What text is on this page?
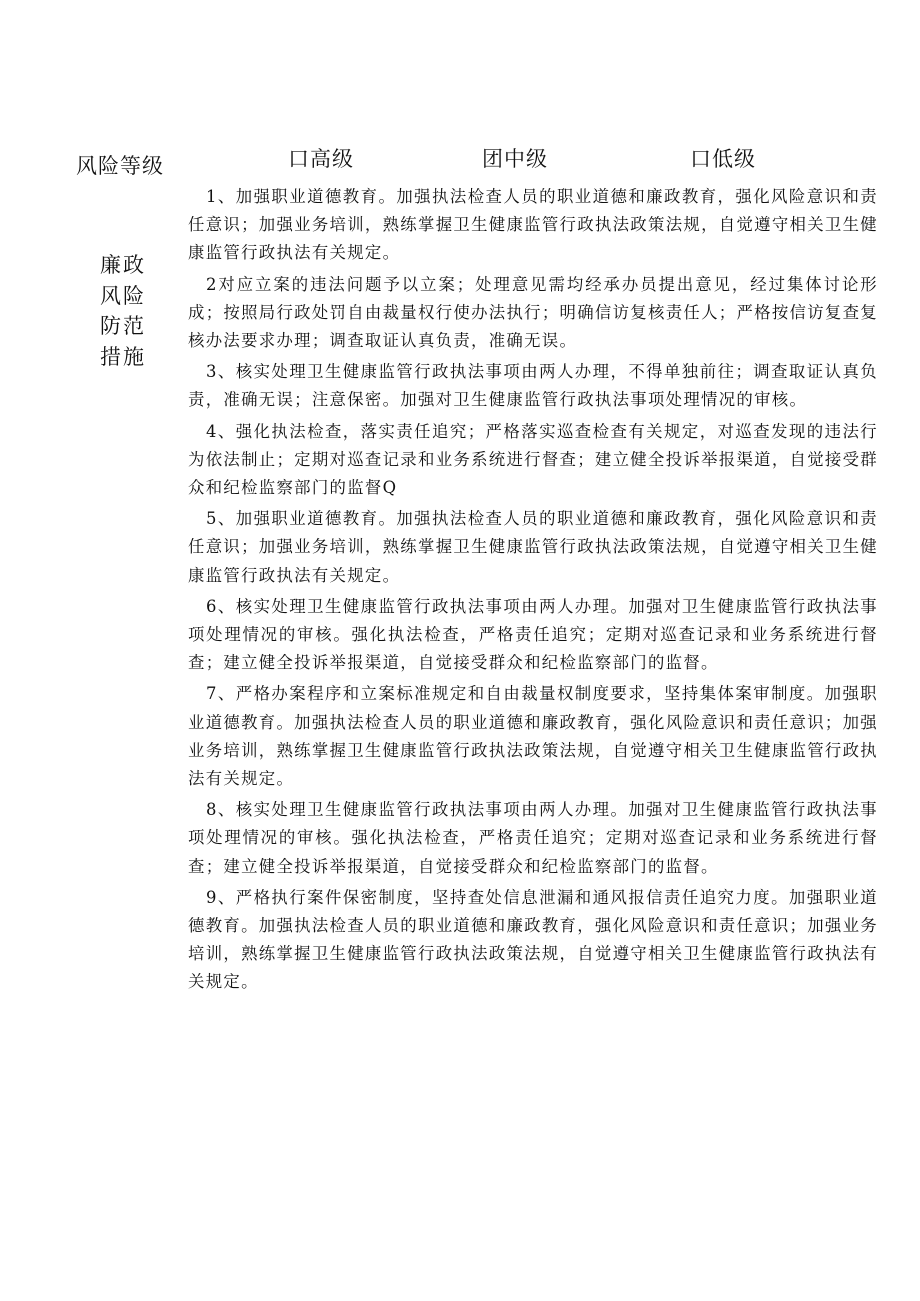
风险等级	口高级	团中级	口低级
廉政
风险
防范
措施

1、加强职业道德教育。加强执法检查人员的职业道德和廉政教育，强化风险意识和责任意识；加强业务培训，熟练掌握卫生健康监管行政执法政策法规，自觉遵守相关卫生健康监管行政执法有关规定。

2对应立案的违法问题予以立案；处理意见需均经承办员提出意见，经过集体讨论形成；按照局行政处罚自由裁量权行使办法执行；明确信访复核责任人；严格按信访复查复核办法要求办理；调查取证认真负责，准确无误。

3、核实处理卫生健康监管行政执法事项由两人办理，不得单独前往；调查取证认真负责，准确无误；注意保密。加强对卫生健康监管行政执法事项处理情况的审核。

4、强化执法检查，落实责任追究；严格落实巡查检查有关规定，对巡查发现的违法行为依法制止；定期对巡查记录和业务系统进行督查；建立健全投诉举报渠道，自觉接受群众和纪检监察部门的监督Q

5、加强职业道德教育。加强执法检查人员的职业道德和廉政教育，强化风险意识和责任意识；加强业务培训，熟练掌握卫生健康监管行政执法政策法规，自觉遵守相关卫生健康监管行政执法有关规定。

6、核实处理卫生健康监管行政执法事项由两人办理。加强对卫生健康监管行政执法事项处理情况的审核。强化执法检查，严格责任追究；定期对巡查记录和业务系统进行督查；建立健全投诉举报渠道，自觉接受群众和纪检监察部门的监督。

7、严格办案程序和立案标准规定和自由裁量权制度要求，坚持集体案审制度。加强职业道德教育。加强执法检查人员的职业道德和廉政教育，强化风险意识和责任意识；加强业务培训，熟练掌握卫生健康监管行政执法政策法规，自觉遵守相关卫生健康监管行政执法有关规定。

8、核实处理卫生健康监管行政执法事项由两人办理。加强对卫生健康监管行政执法事项处理情况的审核。强化执法检查，严格责任追究；定期对巡查记录和业务系统进行督查；建立健全投诉举报渠道，自觉接受群众和纪检监察部门的监督。

9、严格执行案件保密制度，坚持查处信息泄漏和通风报信责任追究力度。加强职业道德教育。加强执法检查人员的职业道德和廉政教育，强化风险意识和责任意识；加强业务培训，熟练掌握卫生健康监管行政执法政策法规，自觉遵守相关卫生健康监管行政执法有关规定。
